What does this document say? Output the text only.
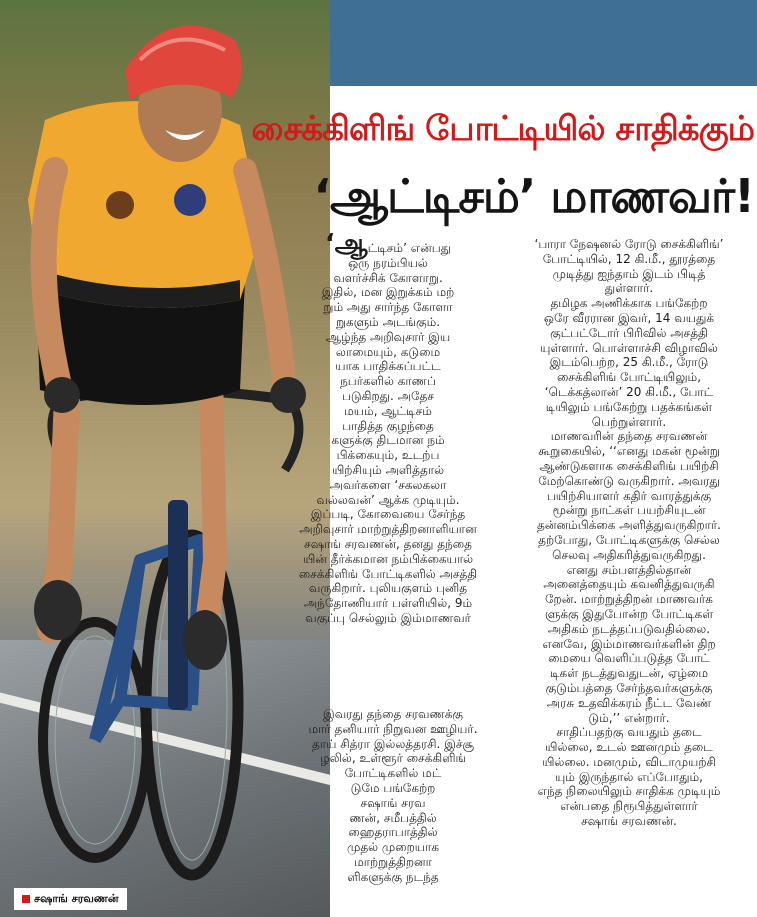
சைக்கிளிங் போட்டியில் சாதிக்கும்
‘ஆட்டிசம்’ மாணவர்!

‘ஆட்டிசம்’ என்பது
ஒரு நரம்பியல்
வளர்ச்சிக் கோளாறு.
இதில், மன இறுக்கம் மற்
றும் அது சார்ந்த கோளா
றுகளும் அடங்கும்.
ஆழ்ந்த அறிவுசார் இய
லாமையும், கடுமை
யாக பாதிக்கப்பட்ட
நபர்களில் காணப்
படுகிறது. அதேச
மயம், ஆட்டிசம்
பாதித்த குழந்தை
களுக்கு திடமான நம்
பிக்கையும், உடற்ப
யிற்சியும் அளித்தால்
அவர்களை ‘சகலகலா
வல்லவன்’ ஆக்க முடியும்.
இப்படி, கோவையை சேர்ந்த
அறிவுசார் மாற்றுத்திறனாளியான
சஷாங் சரவணன், தனது தந்தை
யின் தீர்க்கமான நம்பிக்கையால்
சைக்கிளிங் போட்டிகளில் அசத்தி
வருகிறார். புலியகுளம் புனித
அந்தோணியார் பள்ளியில், 9ம்
வகுப்பு செல்லும் இம்மாணவர்

இவரது தந்தை சரவணக்கு
மார் தனியார் நிறுவன ஊழியர்.
தாய் சித்ரா இல்லத்தரசி. இச்சூ
ழலில், உள்ளூர் சைக்கிளிங்
போட்டிகளில் மட்
டுமே பங்கேற்ற
சஷாங் சரவ
ணன், சமீபத்தில்
ஹைதராபாத்தில்
முதல் முறையாக
மாற்றுத்திறனா
ளிகளுக்கு நடந்த

‘பாரா நேஷனல் ரோடு சைக்கிளிங்’
போட்டியில், 12 கி.மீ., தூரத்தை
முடித்து ஐந்தாம் இடம் பிடித்
துள்ளார்.
தமிழக அணிக்காக பங்கேற்ற
ஒரே வீரரான இவர், 14 வயதுக்
குட்பட்டோர் பிரிவில் அசத்தி
யுள்ளார். பொள்ளாச்சி விழாவில்
இடம்பெற்ற, 25 கி.மீ., ரோடு
சைக்கிளிங் போட்டியிலும்,
‘டெக்கத்லான்’ 20 கி.மீ., போட்
டியிலும் பங்கேற்று பதக்கங்கள்
பெற்றுள்ளார்.
மாணவரின் தந்தை சரவணன்
கூறுகையில், ‘‘எனது மகன் மூன்று
ஆண்டுகளாக சைக்கிளிங் பயிற்சி
மேற்கொண்டு வருகிறார். அவரது
பயிற்சியாளர் கதிர் வாரத்துக்கு
மூன்று நாட்கள் பயற்சியுடன்
தன்னம்பிக்கை அளித்துவருகிறார்.
தற்போது, போட்டிகளுக்கு செல்ல
செலவு அதிகரித்துவருகிறது.
எனது சம்பளத்தில்தான்
அனைத்தையும் கவனித்துவருகி
றேன். மாற்றுத்திறன் மாணவர்க
ளுக்கு இதுபோன்ற போட்டிகள்
அதிகம் நடத்தப்படுவதில்லை.
எனவே, இம்மாணவர்களின் திற
மையை வெளிப்படுத்த போட்
டிகள் நடத்துவதுடன், ஏழ்மை
குடும்பத்தை சேர்ந்தவர்களுக்கு
அரசு உதவிக்கரம் நீட்ட வேண்
டும்,’’ என்றார்.
சாதிப்பதற்கு வயதும் தடை
யில்லை, உடல் ஊனமும் தடை
யில்லை. மனமும், விடாமுயற்சி
யும் இருந்தால் எப்போதும்,
எந்த நிலையிலும் சாதிக்க முடியும்
என்பதை நிரூபித்துள்ளார்
சஷாங் சரவணன்.

சஷாங் சரவணன்
